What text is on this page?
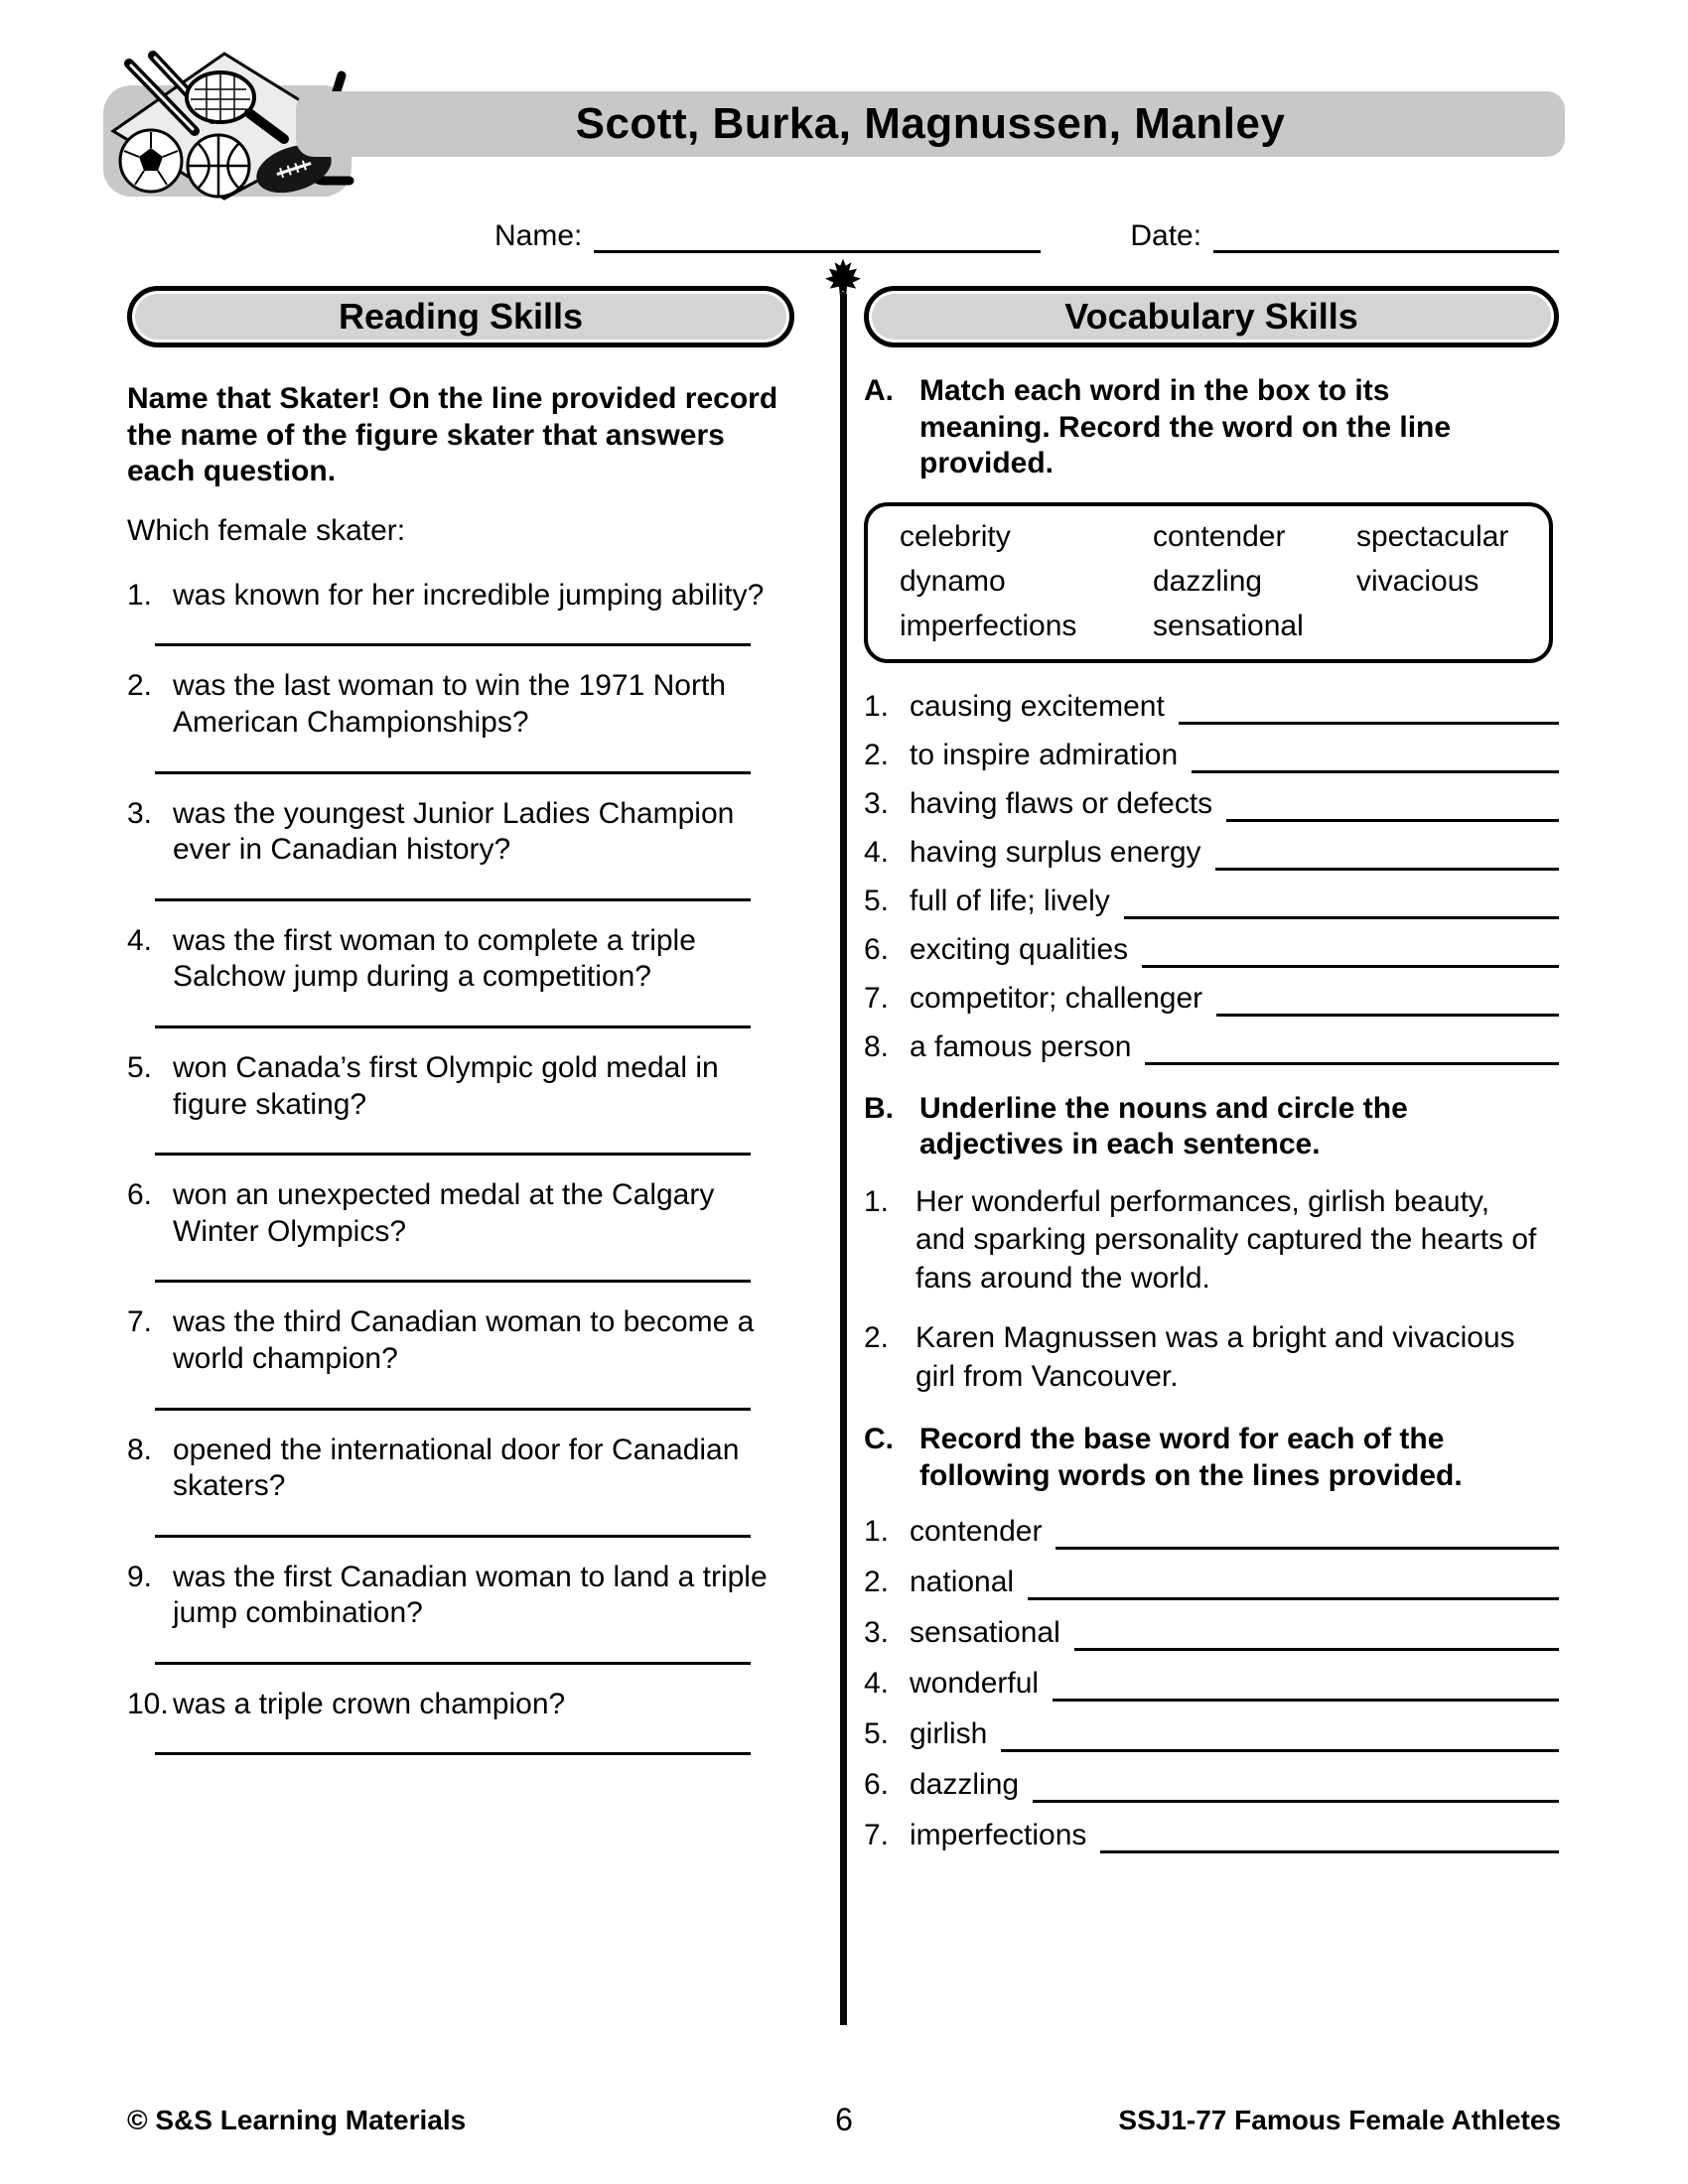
Scott, Burka, Magnussen, Manley
Name:	Date:
Reading Skills

Name that Skater! On the line provided record the name of the figure skater that answers each question.

Which female skater:

1. was known for her incredible jumping ability?
2. was the last woman to win the 1971 North American Championships?
3. was the youngest Junior Ladies Champion ever in Canadian history?
4. was the first woman to complete a triple Salchow jump during a competition?
5. won Canada’s first Olympic gold medal in figure skating?
6. won an unexpected medal at the Calgary Winter Olympics?
7. was the third Canadian woman to become a world champion?
8. opened the international door for Canadian skaters?
9. was the first Canadian woman to land a triple jump combination?
10. was a triple crown champion?
Vocabulary Skills
A. Match each word in the box to its meaning. Record the word on the line provided.
celebrity	contender	spectacular
dynamo	dazzling	vivacious
imperfections	sensational
1. causing excitement
2. to inspire admiration
3. having flaws or defects
4. having surplus energy
5. full of life; lively
6. exciting qualities
7. competitor; challenger
8. a famous person
B. Underline the nouns and circle the adjectives in each sentence.
1. Her wonderful performances, girlish beauty, and sparking personality captured the hearts of fans around the world.
2. Karen Magnussen was a bright and vivacious girl from Vancouver.
C. Record the base word for each of the following words on the lines provided.
1. contender
2. national
3. sensational
4. wonderful
5. girlish
6. dazzling
7. imperfections
© S&S Learning Materials	6	SSJ1-77 Famous Female Athletes
